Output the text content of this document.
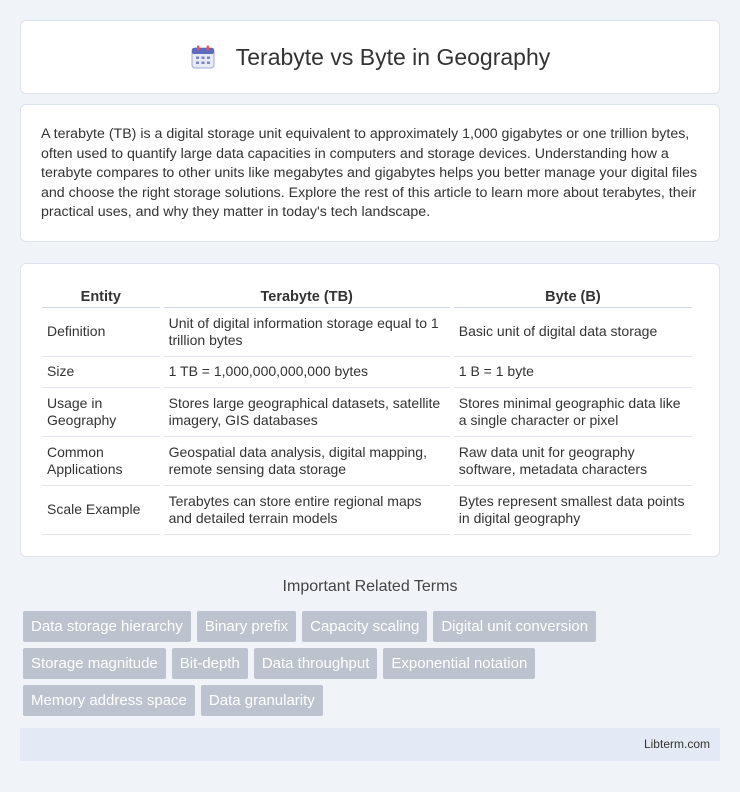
Terabyte vs Byte in Geography

A terabyte (TB) is a digital storage unit equivalent to approximately 1,000 gigabytes or one trillion bytes, often used to quantify large data capacities in computers and storage devices. Understanding how a terabyte compares to other units like megabytes and gigabytes helps you better manage your digital files and choose the right storage solutions. Explore the rest of this article to learn more about terabytes, their practical uses, and why they matter in today's tech landscape.

Entity	Terabyte (TB)	Byte (B)
Definition	Unit of digital information storage equal to 1 trillion bytes	Basic unit of digital data storage
Size	1 TB = 1,000,000,000,000 bytes	1 B = 1 byte
Usage in Geography	Stores large geographical datasets, satellite imagery, GIS databases	Stores minimal geographic data like a single character or pixel
Common Applications	Geospatial data analysis, digital mapping, remote sensing data storage	Raw data unit for geography software, metadata characters
Scale Example	Terabytes can store entire regional maps and detailed terrain models	Bytes represent smallest data points in digital geography
Important Related Terms
Data storage hierarchy	Binary prefix	Capacity scaling	Digital unit conversion
Storage magnitude	Bit-depth	Data throughput	Exponential notation
Memory address space	Data granularity
Libterm.com
